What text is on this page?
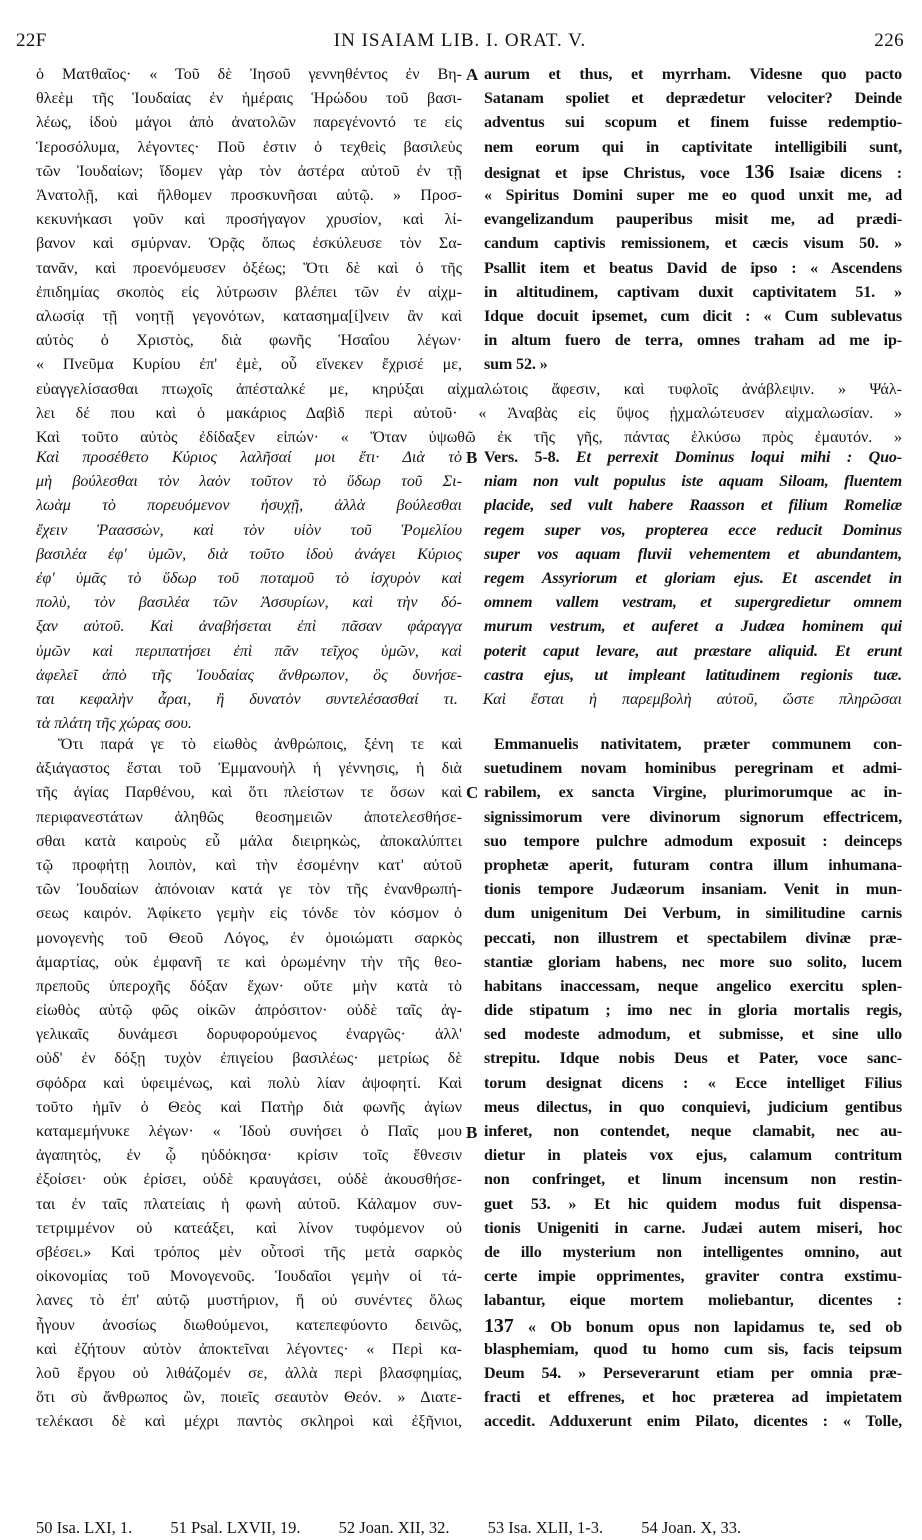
22F	IN ISAIAM LIB. I. ORAT. V.	226
ὁ Ματθαῖος· « Τοῦ δὲ Ἰησοῦ γεννηθέντος ἐν Βη-
θλεὲμ τῆς Ἰουδαίας ἐν ἡμέραις Ἡρώδου τοῦ βασι-
λέως, ἰδοὺ μάγοι ἀπὸ ἀνατολῶν παρεγένοντό τε εἰς
Ἱεροσόλυμα, λέγοντες· Ποῦ ἐστιν ὁ τεχθεὶς βασιλεὺς
τῶν Ἰουδαίων; ἴδομεν γὰρ τὸν ἀστέρα αὐτοῦ ἐν τῇ
Ἀνατολῇ, καὶ ἤλθομεν προσκυνῆσαι αὐτῷ. » Προσ-
κεκυνήκασι γοῦν καὶ προσήγαγον χρυσίον, καὶ λί-
βανον καὶ σμύρναν. Ὁρᾷς ὅπως ἐσκύλευσε τὸν Σα-
τανᾶν, καὶ προενόμευσεν ὀξέως; Ὅτι δὲ καὶ ὁ τῆς
ἐπιδημίας σκοπὸς εἰς λύτρωσιν βλέπει τῶν ἐν αἰχμ-
αλωσίᾳ τῇ νοητῇ γεγονότων, κατασημα[ί]νειν ἂν καὶ
αὐτὸς ὁ Χριστὸς, διὰ φωνῆς Ἡσαΐου λέγων·
« Πνεῦμα Κυρίου ἐπ' ἐμὲ, οὗ εἵνεκεν ἔχρισέ με,
A aurum et thus, et myrrham. Videsne quo pacto
Satanam spoliet et deprædetur velociter? Deinde
adventus sui scopum et finem fuisse redemptio-
nem eorum qui in captivitate intelligibili sunt,
designat et ipse Christus, voce 136 Isaiæ dicens :
« Spiritus Domini super me eo quod unxit me, ad
evangelizandum pauperibus misit me, ad prædi-
candum captivis remissionem, et cæcis visum 50. »
Psallit item et beatus David de ipso : « Ascendens
in altitudinem, captivam duxit captivitatem 51. »
Idque docuit ipsemet, cum dicit : « Cum sublevatus
in altum fuero de terra, omnes traham ad me ip-
sum 52. »
εὐαγγελίσασθαι πτωχοῖς ἀπέσταλκέ με, κηρύξαι αἰχμαλώτοις ἄφεσιν, καὶ τυφλοῖς ἀνάβλεψιν. » Ψάλ-
λει δέ που καὶ ὁ μακάριος Δαβὶδ περὶ αὐτοῦ· « Ἀναβὰς εἰς ὕψος ᾐχμαλώτευσεν αἰχμαλωσίαν. »
Καὶ τοῦτο αὐτὸς ἐδίδαξεν εἰπών· « Ὅταν ὑψωθῶ ἐκ τῆς γῆς, πάντας ἑλκύσω πρὸς ἐμαυτόν. »
Καὶ προσέθετο Κύριος λαλῆσαί μοι ἔτι· Διὰ τὸ
μὴ βούλεσθαι τὸν λαὸν τοῦτον τὸ ὕδωρ τοῦ Σι-
λωὰμ τὸ πορευόμενον ἡσυχῇ, ἀλλὰ βούλεσθαι
ἔχειν Ῥαασσὼν, καὶ τὸν υἱὸν τοῦ Ῥομελίου
βασιλέα ἐφ' ὑμῶν, διὰ τοῦτο ἰδοὺ ἀνάγει Κύριος
ἐφ' ὑμᾶς τὸ ὕδωρ τοῦ ποταμοῦ τὸ ἰσχυρὸν καὶ
πολὺ, τὸν βασιλέα τῶν Ἀσσυρίων, καὶ τὴν δό-
ξαν αὐτοῦ. Καὶ ἀναβήσεται ἐπὶ πᾶσαν φάραγγα
ὑμῶν καὶ περιπατήσει ἐπὶ πᾶν τεῖχος ὑμῶν, καὶ
ἀφελεῖ ἀπὸ τῆς Ἰουδαίας ἄνθρωπον, ὃς δυνήσε-
B Vers. 5-8. Et perrexit Dominus loqui mihi : Quo-
niam non vult populus iste aquam Siloam, fluentem
placide, sed vult habere Raasson et filium Romeliæ
regem super vos, propterea ecce reducit Dominus
super vos aquam fluvii vehementem et abundantem,
regem Assyriorum et gloriam ejus. Et ascendet in
omnem vallem vestram, et supergredietur omnem
murum vestrum, et auferet a Judæa hominem qui
poterit caput levare, aut præstare aliquid. Et erunt
castra ejus, ut impleant latitudinem regionis tuæ.
ται κεφαλὴν ἆραι, ἢ δυνατὸν συντελέσασθαί τι. Καὶ ἔσται ἡ παρεμβολὴ αὐτοῦ, ὥστε πληρῶσαι
τὰ πλάτη τῆς χώρας σου.
Ὅτι παρά γε τὸ εἰωθὸς ἀνθρώποις, ξένη τε καὶ
ἀξιάγαστος ἔσται τοῦ Ἐμμανουὴλ ἡ γέννησις, ἡ διὰ
τῆς ἁγίας Παρθένου, καὶ ὅτι πλείστων τε ὅσων καὶ
περιφανεστάτων ἀληθῶς θεοσημειῶν ἀποτελεσθήσε-
σθαι κατὰ καιροὺς εὖ μάλα διειρηκὼς, ἀποκαλύπτει
τῷ προφήτῃ λοιπὸν, καὶ τὴν ἐσομένην κατ' αὐτοῦ
τῶν Ἰουδαίων ἀπόνοιαν κατά γε τὸν τῆς ἐνανθρωπή-
σεως καιρόν. Ἀφίκετο γεμὴν εἰς τόνδε τὸν κόσμον ὁ
μονογενὴς τοῦ Θεοῦ Λόγος, ἐν ὁμοιώματι σαρκὸς
ἁμαρτίας, οὐκ ἐμφανῆ τε καὶ ὁρωμένην τὴν τῆς θεο-
πρεποῦς ὑπεροχῆς δόξαν ἔχων· οὔτε μὴν κατὰ τὸ
εἰωθὸς αὐτῷ φῶς οἰκῶν ἀπρόσιτον· οὐδὲ ταῖς ἀγ-
γελικαῖς δυνάμεσι δορυφορούμενος ἐναργῶς· ἀλλ'
οὐδ' ἐν δόξῃ τυχὸν ἐπιγείου βασιλέως· μετρίως δὲ
σφόδρα καὶ ὑφειμένως, καὶ πολὺ λίαν ἀψοφητί. Καὶ
τοῦτο ἡμῖν ὁ Θεὸς καὶ Πατὴρ διὰ φωνῆς ἁγίων
καταμεμήνυκε λέγων· « Ἰδοὺ συνήσει ὁ Παῖς μου
ἀγαπητὸς, ἐν ᾧ ηὐδόκησα· κρίσιν τοῖς ἔθνεσιν
ἐξοίσει· οὐκ ἐρίσει, οὐδὲ κραυγάσει, οὐδὲ ἀκουσθήσε-
ται ἐν ταῖς πλατείαις ἡ φωνὴ αὐτοῦ. Κάλαμον συν-
τετριμμένον οὐ κατεάξει, καὶ λίνον τυφόμενον οὐ
σβέσει.» Καὶ τρόπος μὲν οὗτοσὶ τῆς μετὰ σαρκὸς
οἰκονομίας τοῦ Μονογενοῦς. Ἰουδαῖοι γεμὴν οἱ τά-
λανες τὸ ἐπ' αὐτῷ μυστήριον, ἥ οὐ συνέντες ὅλως
ἦγουν ἀνοσίως διωθούμενοι, κατεπεφύοντο δεινῶς,
καὶ ἐζήτουν αὐτὸν ἀποκτεῖναι λέγοντες· « Περὶ κα-
λοῦ ἔργου οὐ λιθάζομέν σε, ἀλλὰ περὶ βλασφημίας,
ὅτι σὺ ἄνθρωπος ὢν, ποιεῖς σεαυτὸν Θεόν. » Διατε-
τελέκασι δὲ καὶ μέχρι παντὸς σκληροὶ καὶ ἐξῆνιοι,
C
B
Emmanuelis nativitatem, præter communem con-
suetudinem novam hominibus peregrinam et admi-
rabilem, ex sancta Virgine, plurimorumque ac in-
signissimorum vere divinorum signorum effectricem,
suo tempore pulchre admodum exposuit : deinceps
prophetæ aperit, futuram contra illum inhumana-
tionis tempore Judæorum insaniam. Venit in mun-
dum unigenitum Dei Verbum, in similitudine carnis
peccati, non illustrem et spectabilem divinæ præ-
stantiæ gloriam habens, nec more suo solito, lucem
habitans inaccessam, neque angelico exercitu splen-
dide stipatum ; imo nec in gloria mortalis regis,
sed modeste admodum, et submisse, et sine ullo
strepitu. Idque nobis Deus et Pater, voce sanc-
torum designat dicens : « Ecce intelliget Filius
meus dilectus, in quo conquievi, judicium gentibus
inferet, non contendet, neque clamabit, nec au-
dietur in plateis vox ejus, calamum contritum
non confringet, et linum incensum non restin-
guet 53. » Et hic quidem modus fuit dispensa-
tionis Unigeniti in carne. Judæi autem miseri, hoc
de illo mysterium non intelligentes omnino, aut
certe impie opprimentes, graviter contra exstimu-
labantur, eique mortem moliebantur, dicentes :
137 « Ob bonum opus non lapidamus te, sed ob
blasphemiam, quod tu homo cum sis, facis teipsum
Deum 54. » Perseverarunt etiam per omnia præ-
fracti et effrenes, et hoc præterea ad impietatem
accedit. Adduxerunt enim Pilato, dicentes : « Tolle,
50 Isa. LXI, 1. 51 Psal. LXVII, 19. 52 Joan. XII, 32. 53 Isa. XLII, 1-3. 54 Joan. X, 33.
